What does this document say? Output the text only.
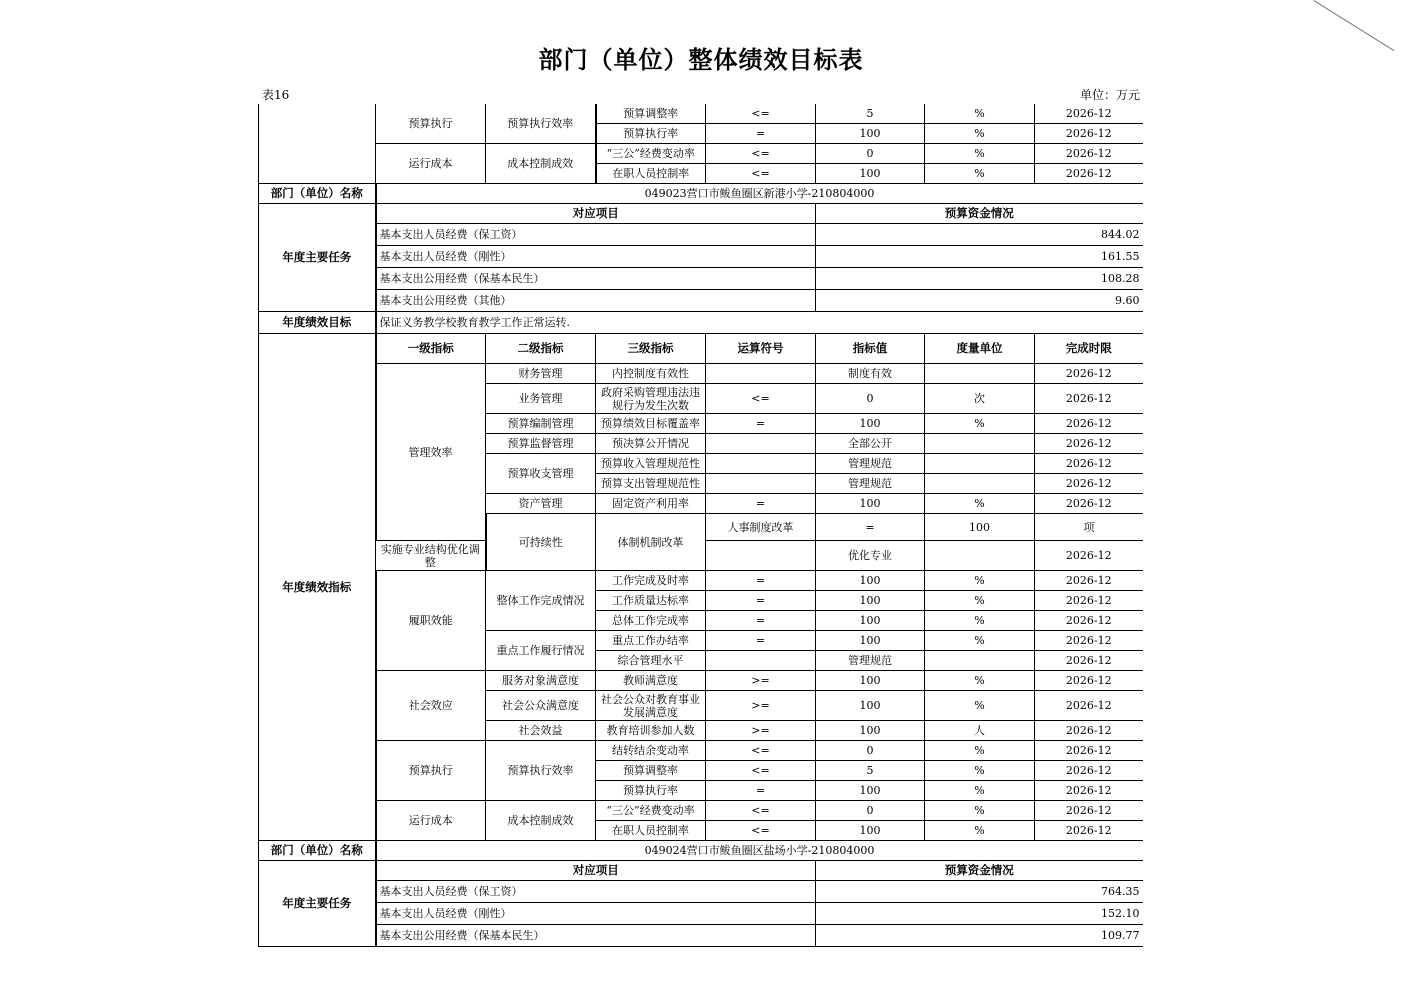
部门（单位）整体绩效目标表
表16	单位：万元
	预算执行	预算执行效率	预算调整率	<=	5	%	2026-12	
			预算执行率	=	100	%	2026-12	
	运行成本	成本控制成效	“三公”经费变动率	<=	0	%	2026-12	
			在职人员控制率	<=	100	%	2026-12	
部门（单位）名称	049023营口市鲅鱼圈区新港小学-210804000							
年度主要任务	对应项目				预算资金情况			
	基本支出人员经费（保工资）				844.02			
	基本支出人员经费（刚性）				161.55			
	基本支出公用经费（保基本民生）				108.28			
	基本支出公用经费（其他）				9.60			
年度绩效目标	保证义务教学校教育教学工作正常运转.							
年度绩效指标	一级指标	二级指标	三级指标	运算符号	指标值	度量单位	完成时限	
	管理效率	财务管理	内控制度有效性		制度有效		2026-12	
		业务管理	政府采购管理违法违规行为发生次数	<=	0	次	2026-12	
		预算编制管理	预算绩效目标覆盖率	=	100	%	2026-12	
		预算监督管理	预决算公开情况		全部公开		2026-12	
		预算收支管理	预算收入管理规范性		管理规范		2026-12	
			预算支出管理规范性		管理规范		2026-12	
		资产管理	固定资产利用率	=	100	%	2026-12	
		可持续性	体制机制改革	人事制度改革	=	100	项	
	实施专业结构优化调整				优化专业		2026-12	
	履职效能	整体工作完成情况	工作完成及时率	=	100	%	2026-12	
			工作质量达标率	=	100	%	2026-12	
			总体工作完成率	=	100	%	2026-12	
		重点工作履行情况	重点工作办结率	=	100	%	2026-12	
			综合管理水平		管理规范		2026-12	
	社会效应	服务对象满意度	教师满意度	>=	100	%	2026-12	
		社会公众满意度	社会公众对教育事业发展满意度	>=	100	%	2026-12	
		社会效益	教育培训参加人数	>=	100	人	2026-12	
	预算执行	预算执行效率	结转结余变动率	<=	0	%	2026-12	
			预算调整率	<=	5	%	2026-12	
			预算执行率	=	100	%	2026-12	
	运行成本	成本控制成效	“三公”经费变动率	<=	0	%	2026-12	
			在职人员控制率	<=	100	%	2026-12	
部门（单位）名称	049024营口市鲅鱼圈区盐场小学-210804000							
年度主要任务	对应项目				预算资金情况			
	基本支出人员经费（保工资）				764.35			
	基本支出人员经费（刚性）				152.10			
	基本支出公用经费（保基本民生）				109.77			
